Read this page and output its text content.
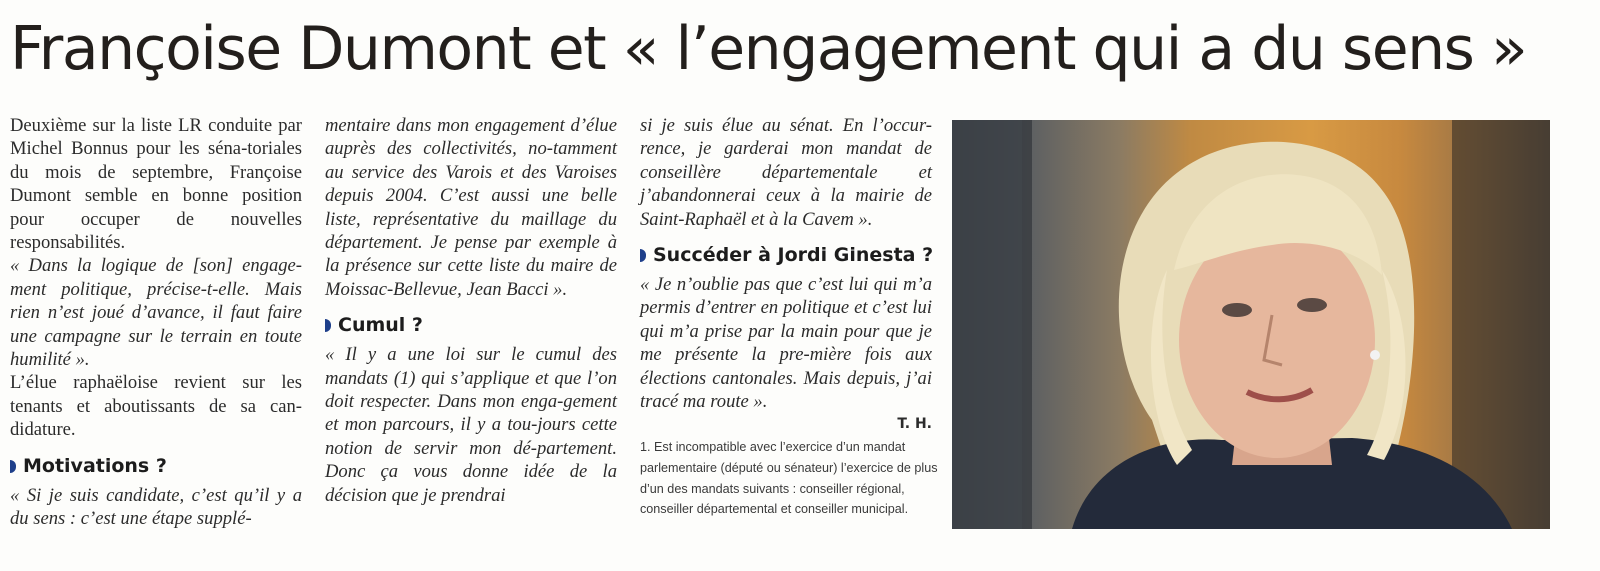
Françoise Dumont et « l’engagement qui a du sens »

Deuxième sur la liste LR conduite par Michel Bonnus pour les séna-toriales du mois de septembre, Françoise Dumont semble en bonne position pour occuper de nouvelles responsabilités.

« Dans la logique de [son] engage-ment politique, précise-t-elle. Mais rien n’est joué d’avance, il faut faire une campagne sur le terrain en toute humilité ».

L’élue raphaëloise revient sur les tenants et aboutissants de sa can-didature.

Motivations ?

« Si je suis candidate, c’est qu’il y a du sens : c’est une étape supplé-

mentaire dans mon engagement d’élue auprès des collectivités, no-tamment au service des Varois et des Varoises depuis 2004. C’est aussi une belle liste, représentative du maillage du département. Je pense par exemple à la présence sur cette liste du maire de Moissac-Bellevue, Jean Bacci ».

Cumul ?

« Il y a une loi sur le cumul des mandats (1) qui s’applique et que l’on doit respecter. Dans mon enga-gement et mon parcours, il y a tou-jours cette notion de servir mon dé-partement. Donc ça vous donne idée de la décision que je prendrai

si je suis élue au sénat. En l’occur-rence, je garderai mon mandat de conseillère départementale et j’abandonnerai ceux à la mairie de Saint-Raphaël et à la Cavem ».

Succéder à Jordi Ginesta ?

« Je n’oublie pas que c’est lui qui m’a permis d’entrer en politique et c’est lui qui m’a prise par la main pour que je me présente la pre-mière fois aux élections cantonales. Mais depuis, j’ai tracé ma route ».

T. H.
1. Est incompatible avec l’exercice d’un mandat
parlementaire (député ou sénateur) l’exercice de plus
d’un des mandats suivants : conseiller régional,
conseiller départemental et conseiller municipal.
